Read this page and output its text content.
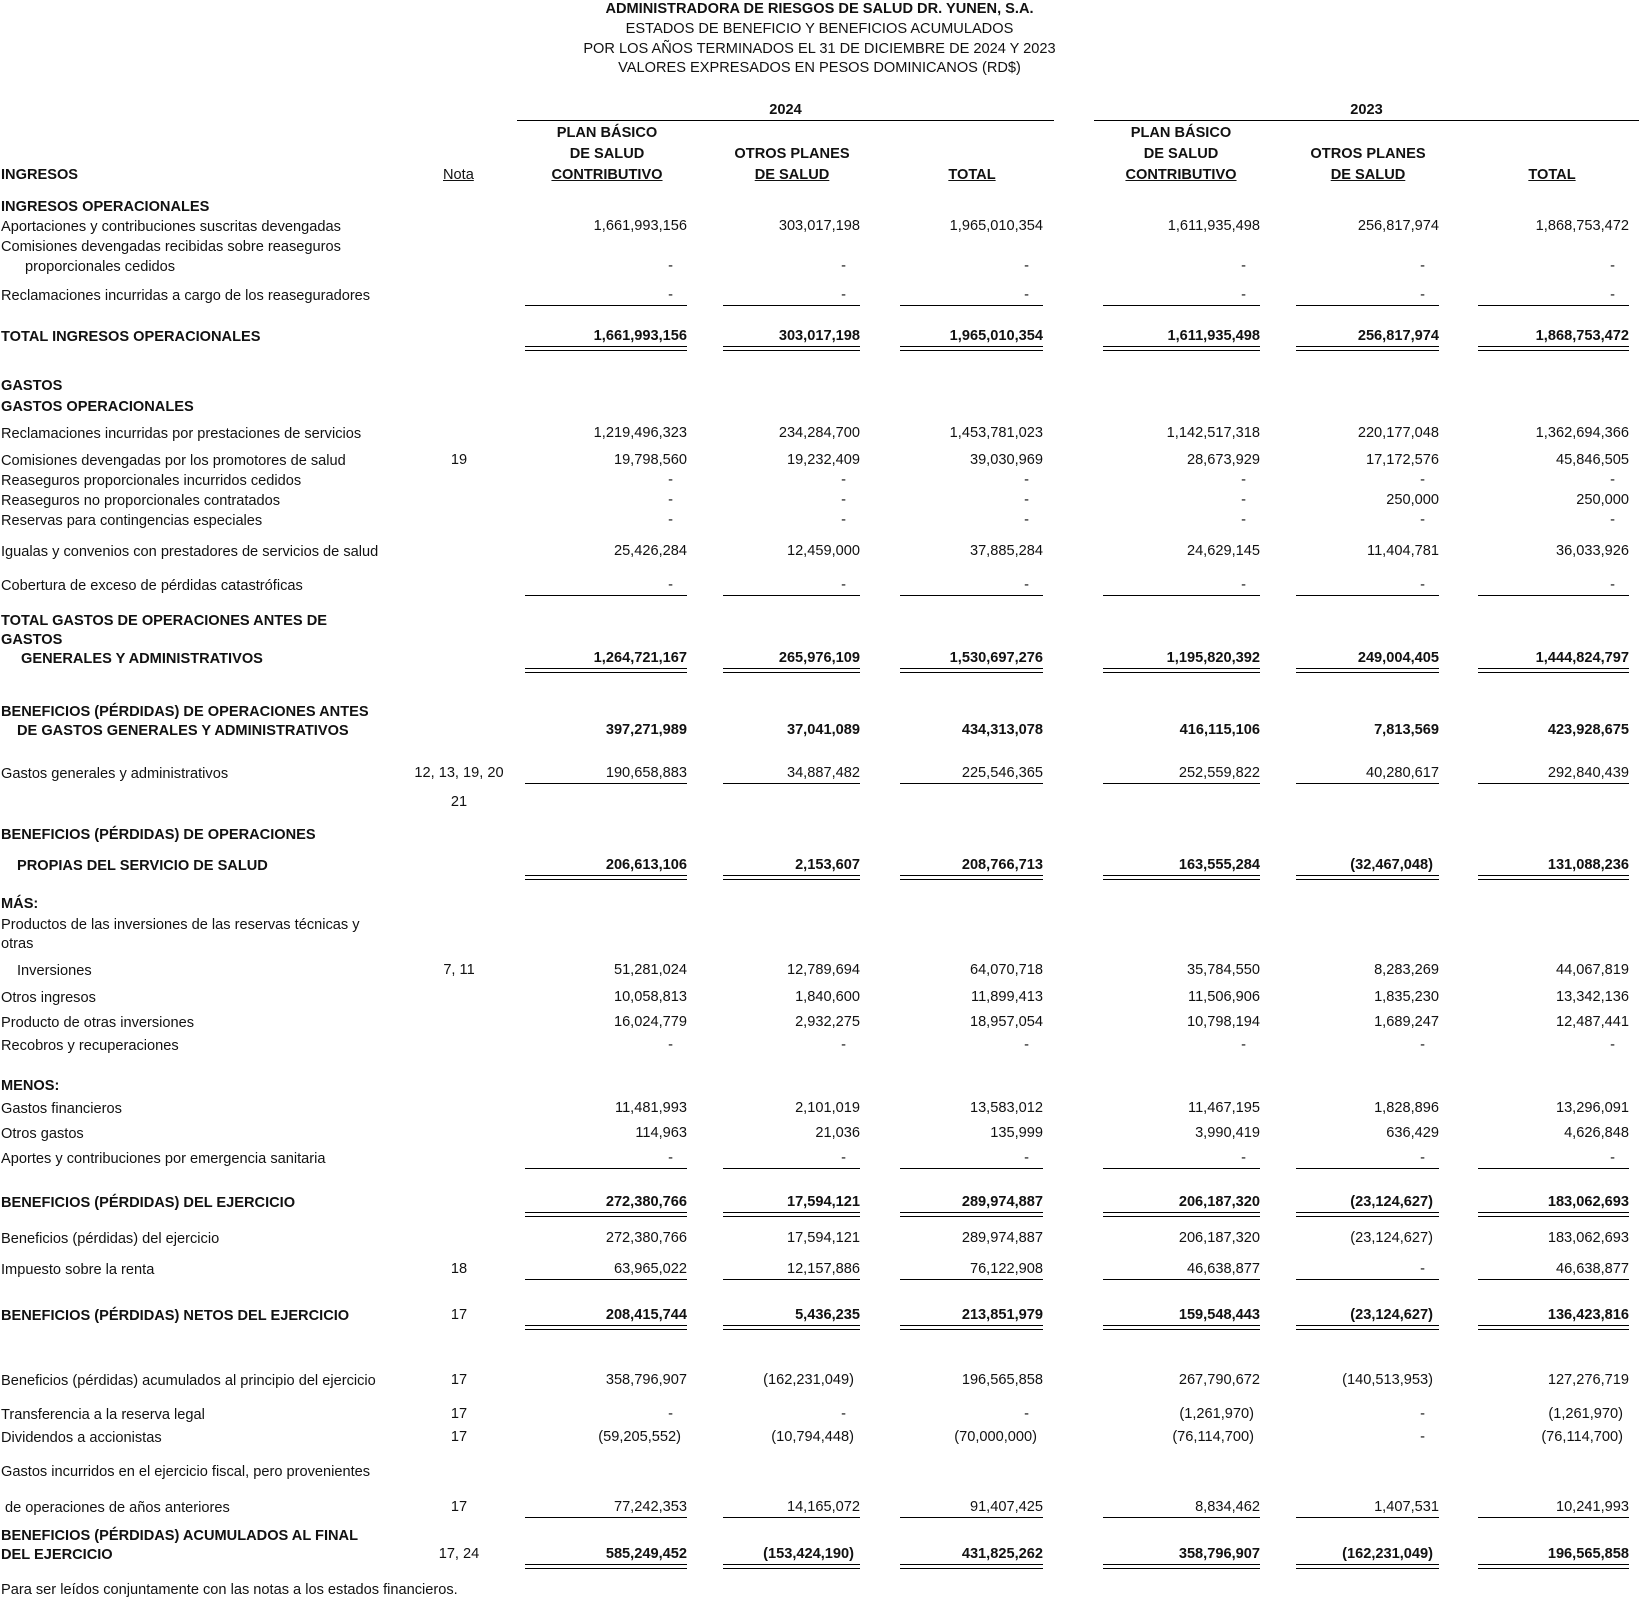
ADMINISTRADORA DE RIESGOS DE SALUD DR. YUNEN, S.A.
ESTADOS DE BENEFICIO Y BENEFICIOS ACUMULADOS
POR LOS AÑOS TERMINADOS EL 31 DE DICIEMBRE DE 2024 Y 2023
VALORES EXPRESADOS EN PESOS DOMINICANOS (RD$)
2024	2023
PLAN BÁSICO
DE SALUD
CONTRIBUTIVO
OTROS PLANES
DE SALUD	TOTAL
PLAN BÁSICO
DE SALUD
CONTRIBUTIVO
OTROS PLANES
DE SALUD	TOTAL
INGRESOS	Nota
INGRESOS OPERACIONALES
Aportaciones y contribuciones suscritas devengadas	1,661,993,156	303,017,198	1,965,010,354	1,611,935,498	256,817,974	1,868,753,472
Comisiones devengadas recibidas sobre reaseguros
proporcionales cedidos	-	-	-	-	-	-
Reclamaciones incurridas a cargo de los reaseguradores	-	-	-	-	-	-
TOTAL INGRESOS OPERACIONALES	1,661,993,156	303,017,198	1,965,010,354	1,611,935,498	256,817,974	1,868,753,472
GASTOS
GASTOS OPERACIONALES
Reclamaciones incurridas por prestaciones de servicios	1,219,496,323	234,284,700	1,453,781,023	1,142,517,318	220,177,048	1,362,694,366
Comisiones devengadas por los promotores de salud	19	19,798,560	19,232,409	39,030,969	28,673,929	17,172,576	45,846,505
Reaseguros proporcionales incurridos cedidos	-	-	-	-	-	-
Reaseguros no proporcionales contratados	-	-	-	-	250,000	250,000
Reservas para contingencias especiales	-	-	-	-	-	-
Igualas y convenios con prestadores de servicios de salud	25,426,284	12,459,000	37,885,284	24,629,145	11,404,781	36,033,926
Cobertura de exceso de pérdidas catastróficas	-	-	-	-	-	-
TOTAL GASTOS DE OPERACIONES ANTES DE
GASTOS
GENERALES Y ADMINISTRATIVOS	1,264,721,167	265,976,109	1,530,697,276	1,195,820,392	249,004,405	1,444,824,797
BENEFICIOS (PÉRDIDAS) DE OPERACIONES ANTES
DE GASTOS GENERALES Y ADMINISTRATIVOS	397,271,989	37,041,089	434,313,078	416,115,106	7,813,569	423,928,675
Gastos generales y administrativos	12, 13, 19, 20	190,658,883	34,887,482	225,546,365	252,559,822	40,280,617	292,840,439
21
BENEFICIOS (PÉRDIDAS) DE OPERACIONES
PROPIAS DEL SERVICIO DE SALUD	206,613,106	2,153,607	208,766,713	163,555,284	(32,467,048)	131,088,236
MÁS:
Productos de las inversiones de las reservas técnicas y
otras
Inversiones	7, 11	51,281,024	12,789,694	64,070,718	35,784,550	8,283,269	44,067,819
Otros ingresos	10,058,813	1,840,600	11,899,413	11,506,906	1,835,230	13,342,136
Producto de otras inversiones	16,024,779	2,932,275	18,957,054	10,798,194	1,689,247	12,487,441
Recobros y recuperaciones	-	-	-	-	-	-
MENOS:
Gastos financieros	11,481,993	2,101,019	13,583,012	11,467,195	1,828,896	13,296,091
Otros gastos	114,963	21,036	135,999	3,990,419	636,429	4,626,848
Aportes y contribuciones por emergencia sanitaria	-	-	-	-	-	-
BENEFICIOS (PÉRDIDAS) DEL EJERCICIO	272,380,766	17,594,121	289,974,887	206,187,320	(23,124,627)	183,062,693
Beneficios (pérdidas) del ejercicio	272,380,766	17,594,121	289,974,887	206,187,320	(23,124,627)	183,062,693
Impuesto sobre la renta	18	63,965,022	12,157,886	76,122,908	46,638,877	-	46,638,877
BENEFICIOS (PÉRDIDAS) NETOS DEL EJERCICIO	17	208,415,744	5,436,235	213,851,979	159,548,443	(23,124,627)	136,423,816
Beneficios (pérdidas) acumulados al principio del ejercicio	17	358,796,907	(162,231,049)	196,565,858	267,790,672	(140,513,953)	127,276,719
Transferencia a la reserva legal	17	-	-	-	(1,261,970)	-	(1,261,970)
Dividendos a accionistas	17	(59,205,552)	(10,794,448)	(70,000,000)	(76,114,700)	-	(76,114,700)
Gastos incurridos en el ejercicio fiscal, pero provenientes
de operaciones de años anteriores	17	77,242,353	14,165,072	91,407,425	8,834,462	1,407,531	10,241,993
BENEFICIOS (PÉRDIDAS) ACUMULADOS AL FINAL
DEL EJERCICIO	17, 24	585,249,452	(153,424,190)	431,825,262	358,796,907	(162,231,049)	196,565,858
Para ser leídos conjuntamente con las notas a los estados financieros.
